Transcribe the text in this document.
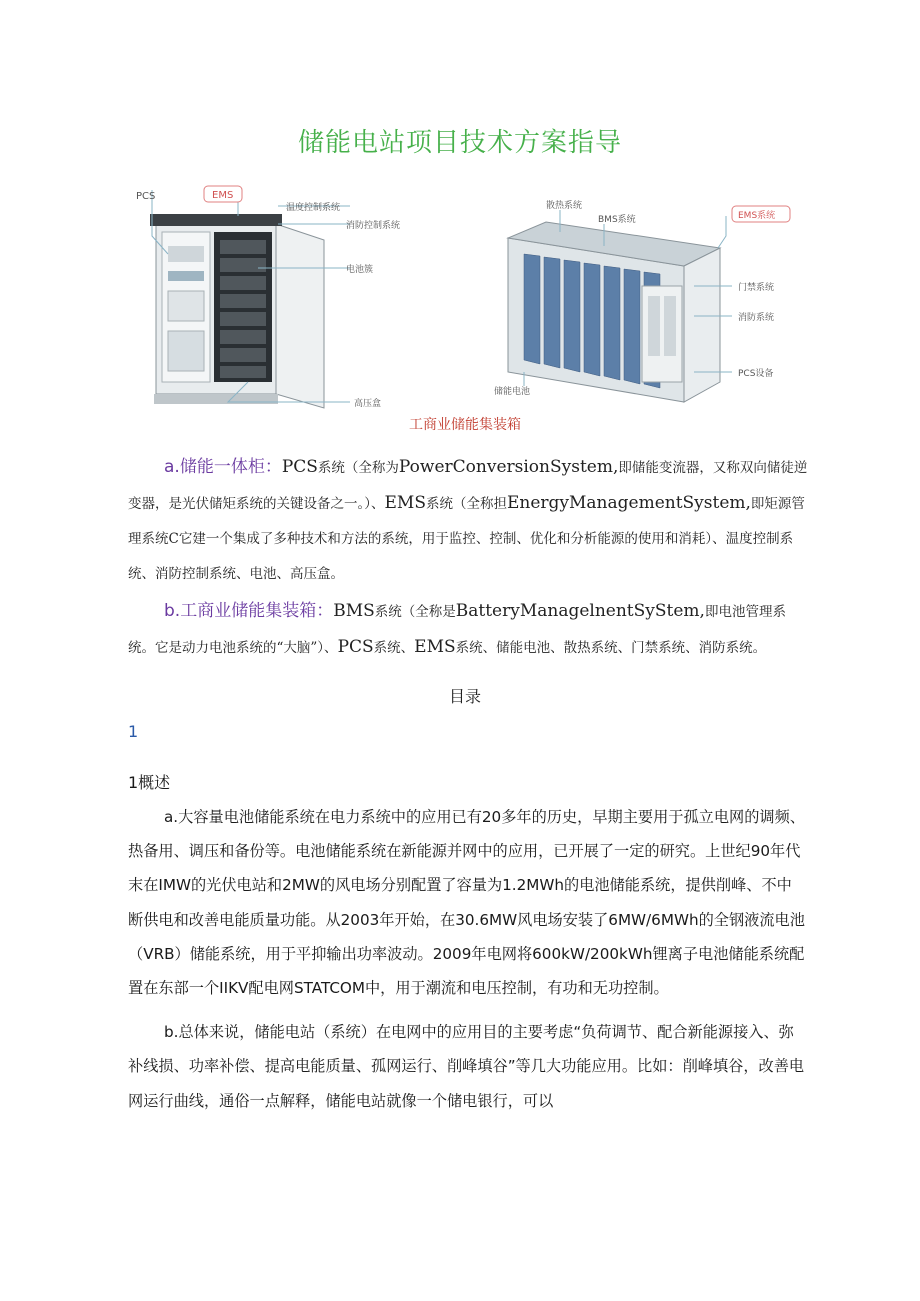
储能电站项目技术方案指导
PCS	EMS
温度控制系统
消防控制系统
电池簇
高压盒
散热系统
BMS系统	EMS系统
门禁系统
消防系统
PCS设备
储能电池
工商业储能集装箱
a.储能一体柜：PCS系统（全称为PowerConversionSystem,即储能变流器，又称双向储徒逆变器，是光伏储矩系统的关键设备之一。）、EMS系统（全称担EnergyManagementSystem,即矩源管理系统C它建一个集成了多种技术和方法的系统，用于监控、控制、优化和分析能源的使用和消耗）、温度控制系统、消防控制系统、电池、高压盒。
b.工商业储能集装箱：BMS系统（全称是BatteryManagelnentSyStem,即电池管理系统。它是动力电池系统的“大脑”）、PCS系统、EMS系统、储能电池、散热系统、门禁系统、消防系统。
目录
1
1概述

a.大容量电池储能系统在电力系统中的应用已有20多年的历史，早期主要用于孤立电网的调频、热备用、调压和备份等。电池储能系统在新能源并网中的应用，已开展了一定的研究。上世纪90年代末在IMW的光伏电站和2MW的风电场分别配置了容量为1.2MWh的电池储能系统，提供削峰、不中断供电和改善电能质量功能。从2003年开始，在30.6MW风电场安装了6MW/6MWh的全钢液流电池（VRB）储能系统，用于平抑输出功率波动。2009年电网将600kW/200kWh锂离子电池储能系统配置在东部一个IIKV配电网STATCOM中，用于潮流和电压控制，有功和无功控制。

b.总体来说，储能电站（系统）在电网中的应用目的主要考虑“负荷调节、配合新能源接入、弥补线损、功率补偿、提高电能质量、孤网运行、削峰填谷”等几大功能应用。比如：削峰填谷，改善电网运行曲线，通俗一点解释，储能电站就像一个储电银行，可以
